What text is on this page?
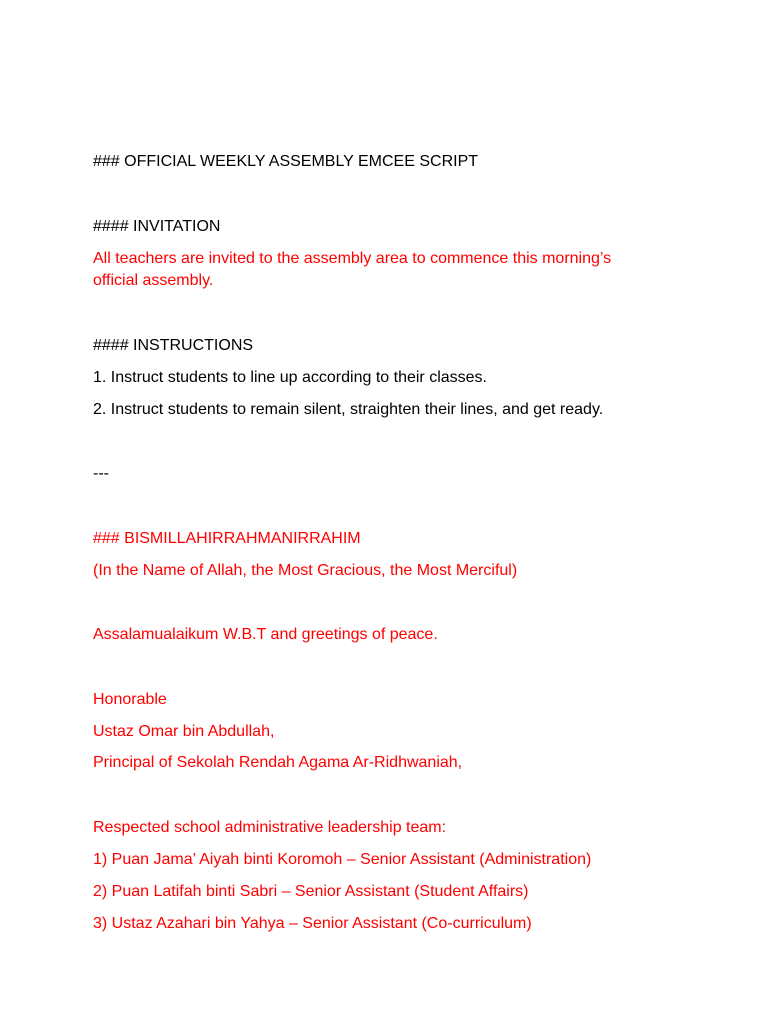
### OFFICIAL WEEKLY ASSEMBLY EMCEE SCRIPT
#### INVITATION
All teachers are invited to the assembly area to commence this morning’s official assembly.
#### INSTRUCTIONS
1. Instruct students to line up according to their classes.
2. Instruct students to remain silent, straighten their lines, and get ready.
---
### BISMILLAHIRRAHMANIRRAHIM
(In the Name of Allah, the Most Gracious, the Most Merciful)
Assalamualaikum W.B.T and greetings of peace.
Honorable
Ustaz Omar bin Abdullah,
Principal of Sekolah Rendah Agama Ar-Ridhwaniah,
Respected school administrative leadership team:
1) Puan Jama’ Aiyah binti Koromoh – Senior Assistant (Administration)
2) Puan Latifah binti Sabri – Senior Assistant (Student Affairs)
3) Ustaz Azahari bin Yahya – Senior Assistant (Co-curriculum)
